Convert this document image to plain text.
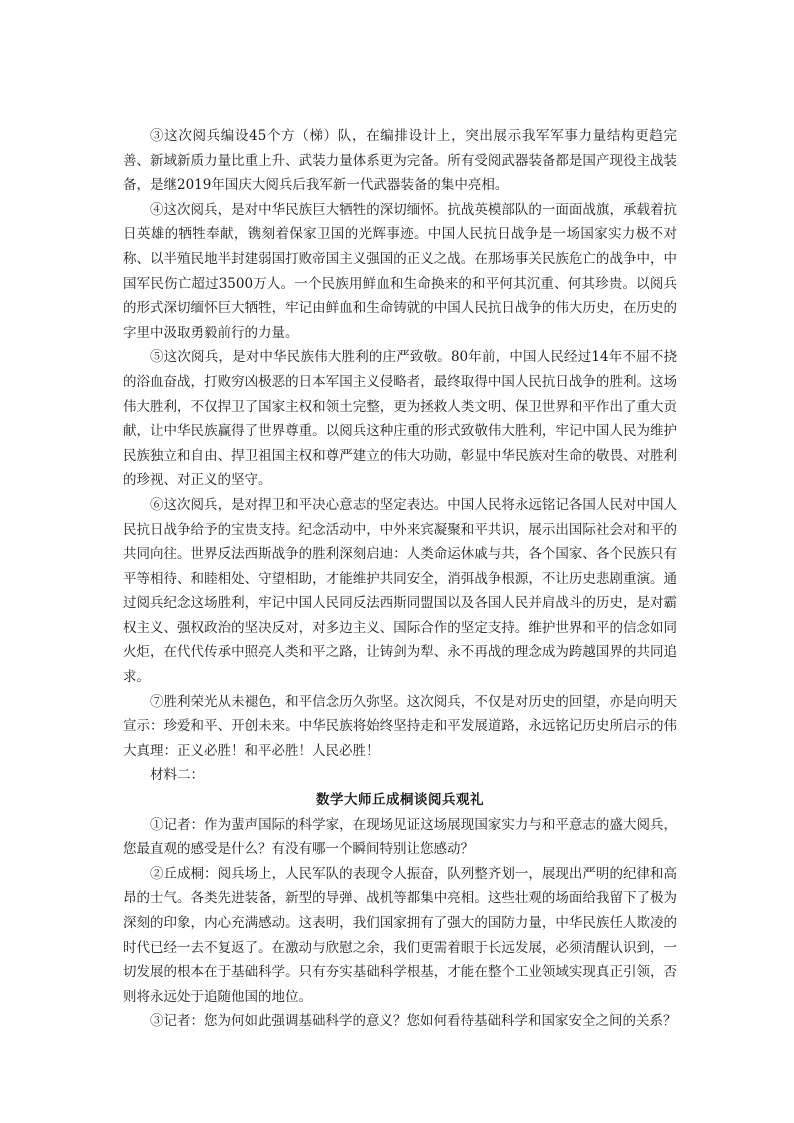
③这次阅兵编设45个方（梯）队，在编排设计上，突出展示我军军事力量结构更趋完善、新域新质力量比重上升、武装力量体系更为完备。所有受阅武器装备都是国产现役主战装备，是继2019年国庆大阅兵后我军新一代武器装备的集中亮相。

④这次阅兵，是对中华民族巨大牺牲的深切缅怀。抗战英模部队的一面面战旗，承载着抗日英雄的牺牲奉献，镌刻着保家卫国的光辉事迹。中国人民抗日战争是一场国家实力极不对称、以半殖民地半封建弱国打败帝国主义强国的正义之战。在那场事关民族危亡的战争中，中国军民伤亡超过3500万人。一个民族用鲜血和生命换来的和平何其沉重、何其珍贵。以阅兵的形式深切缅怀巨大牺牲，牢记由鲜血和生命铸就的中国人民抗日战争的伟大历史，在历史的字里中汲取勇毅前行的力量。

⑤这次阅兵，是对中华民族伟大胜利的庄严致敬。80年前，中国人民经过14年不屈不挠的浴血奋战，打败穷凶极恶的日本军国主义侵略者，最终取得中国人民抗日战争的胜利。这场伟大胜利，不仅捍卫了国家主权和领土完整，更为拯救人类文明、保卫世界和平作出了重大贡献，让中华民族赢得了世界尊重。以阅兵这种庄重的形式致敬伟大胜利，牢记中国人民为维护民族独立和自由、捍卫祖国主权和尊严建立的伟大功勋，彰显中华民族对生命的敬畏、对胜利的珍视、对正义的坚守。

⑥这次阅兵，是对捍卫和平决心意志的坚定表达。中国人民将永远铭记各国人民对中国人民抗日战争给予的宝贵支持。纪念活动中，中外来宾凝聚和平共识，展示出国际社会对和平的共同向往。世界反法西斯战争的胜利深刻启迪：人类命运休戚与共，各个国家、各个民族只有平等相待、和睦相处、守望相助，才能维护共同安全，消弭战争根源，不让历史悲剧重演。通过阅兵纪念这场胜利，牢记中国人民同反法西斯同盟国以及各国人民并肩战斗的历史，是对霸权主义、强权政治的坚决反对，对多边主义、国际合作的坚定支持。维护世界和平的信念如同火炬，在代代传承中照亮人类和平之路，让铸剑为犁、永不再战的理念成为跨越国界的共同追求。

⑦胜利荣光从未褪色，和平信念历久弥坚。这次阅兵，不仅是对历史的回望，亦是向明天宣示：珍爱和平、开创未来。中华民族将始终坚持走和平发展道路，永远铭记历史所启示的伟大真理：正义必胜！和平必胜！人民必胜！

材料二：

数学大师丘成桐谈阅兵观礼

①记者：作为蜚声国际的科学家，在现场见证这场展现国家实力与和平意志的盛大阅兵，您最直观的感受是什么？有没有哪一个瞬间特别让您感动？

②丘成桐：阅兵场上，人民军队的表现令人振奋，队列整齐划一，展现出严明的纪律和高昂的士气。各类先进装备，新型的导弹、战机等都集中亮相。这些壮观的场面给我留下了极为深刻的印象，内心充满感动。这表明，我们国家拥有了强大的国防力量，中华民族任人欺凌的时代已经一去不复返了。在激动与欣慰之余，我们更需着眼于长远发展，必须清醒认识到，一切发展的根本在于基础科学。只有夯实基础科学根基，才能在整个工业领域实现真正引领，否则将永远处于追随他国的地位。

③记者：您为何如此强调基础科学的意义？您如何看待基础科学和国家安全之间的关系？
